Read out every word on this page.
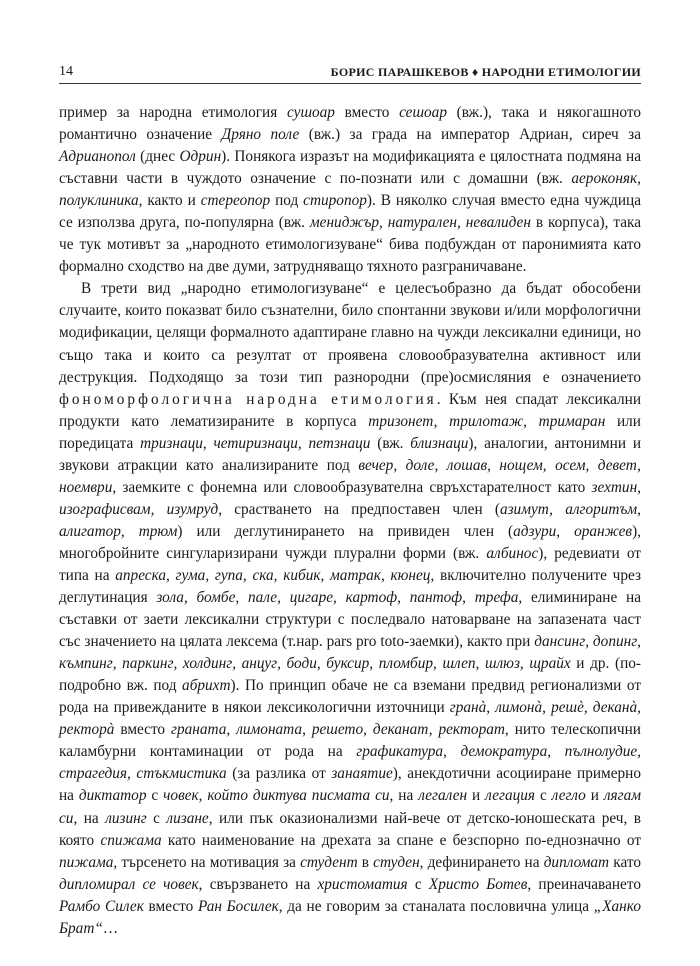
14	БОРИС ПАРАШКЕВОВ ♦ НАРОДНИ ЕТИМОЛОГИИ

пример за народна етимология сушоар вместо сешоар (вж.), така и някогашното романтично означение Дряно поле (вж.) за града на император Адриан, сиреч за Адрианопол (днес Одрин). Понякога изразът на модификацията е цялостната подмяна на съставни части в чуждото означение с по-познати или с домашни (вж. аероконяк, полуклиника, както и стереопор под стиропор). В няколко случая вместо една чуждица се използва друга, по-популярна (вж. мениджър, натурален, невалиден в корпуса), така че тук мотивът за „народното етимологизуване“ бива подбуждан от паронимията като формално сходство на две думи, затрудняващо тяхното разграничаване.

В трети вид „народно етимологизуване“ е целесъобразно да бъдат обособени случаите, които показват било съзнателни, било спонтанни звукови и/или морфологични модификации, целящи формалното адаптиране главно на чужди лексикални единици, но също така и които са резултат от проявена словообразувателна активност или деструкция. Подходящо за този тип разнородни (пре)осмисляния е означението фономорфологична народна етимология. Към нея спадат лексикални продукти като лематизираните в корпуса тризонет, трилотаж, тримаран или поредицата тризнаци, четиризнаци, петзнаци (вж. близнаци), аналогии, антонимни и звукови атракции като анализираните под вечер, доле, лошав, нощем, осем, девет, ноември, заемките с фонемна или словообразувателна свръхстарателност като зехтин, изографисвам, изумруд, срастването на предпоставен член (азимут, алгоритъм, алигатор, трюм) или деглутинирането на привиден член (адзури, оранжев), многобройните сингуларизирани чужди плурални форми (вж. албинос), редевиати от типа на апреска, гума, гупа, ска, кибик, матрак, кюнец, включително получените чрез деглутинация зола, бомбе, пале, цигаре, картоф, пантоф, трефа, елиминиране на съставки от заети лексикални структури с последвало натоварване на запазената част със значението на цялата лексема (т.нар. pars pro toto-заемки), както при дансинг, допинг, къмпинг, паркинг, холдинг, анцуг, боди, буксир, пломбир, шлеп, шлюз, щрайх и др. (по-подробно вж. под абрихт). По принцип обаче не са вземани предвид регионализми от рода на привежданите в някои лексикологични източници гранà, лимонà, решè, деканà, ректорà вместо граната, лимоната, решето, деканат, ректорат, нито телескопични каламбурни контаминации от рода на графикатура, демократура, пълнолудие, страгедия, стъкмистика (за разлика от занаятие), анекдотични асоцииране примерно на диктатор с човек, който диктува писмата си, на легален и легация с легло и лягам си, на лизинг с лизане, или пък оказионализми най-вече от детско-юношеската реч, в която спижама като наименование на дрехата за спане е безспорно по-еднозначно от пижама, търсенето на мотивация за студент в студен, дефинирането на дипломат като дипломирал се човек, свързването на христоматия с Христо Ботев, преиначаването Рамбо Силек вместо Ран Босилек, да не говорим за станалата пословична улица „Ханко Брат“…
